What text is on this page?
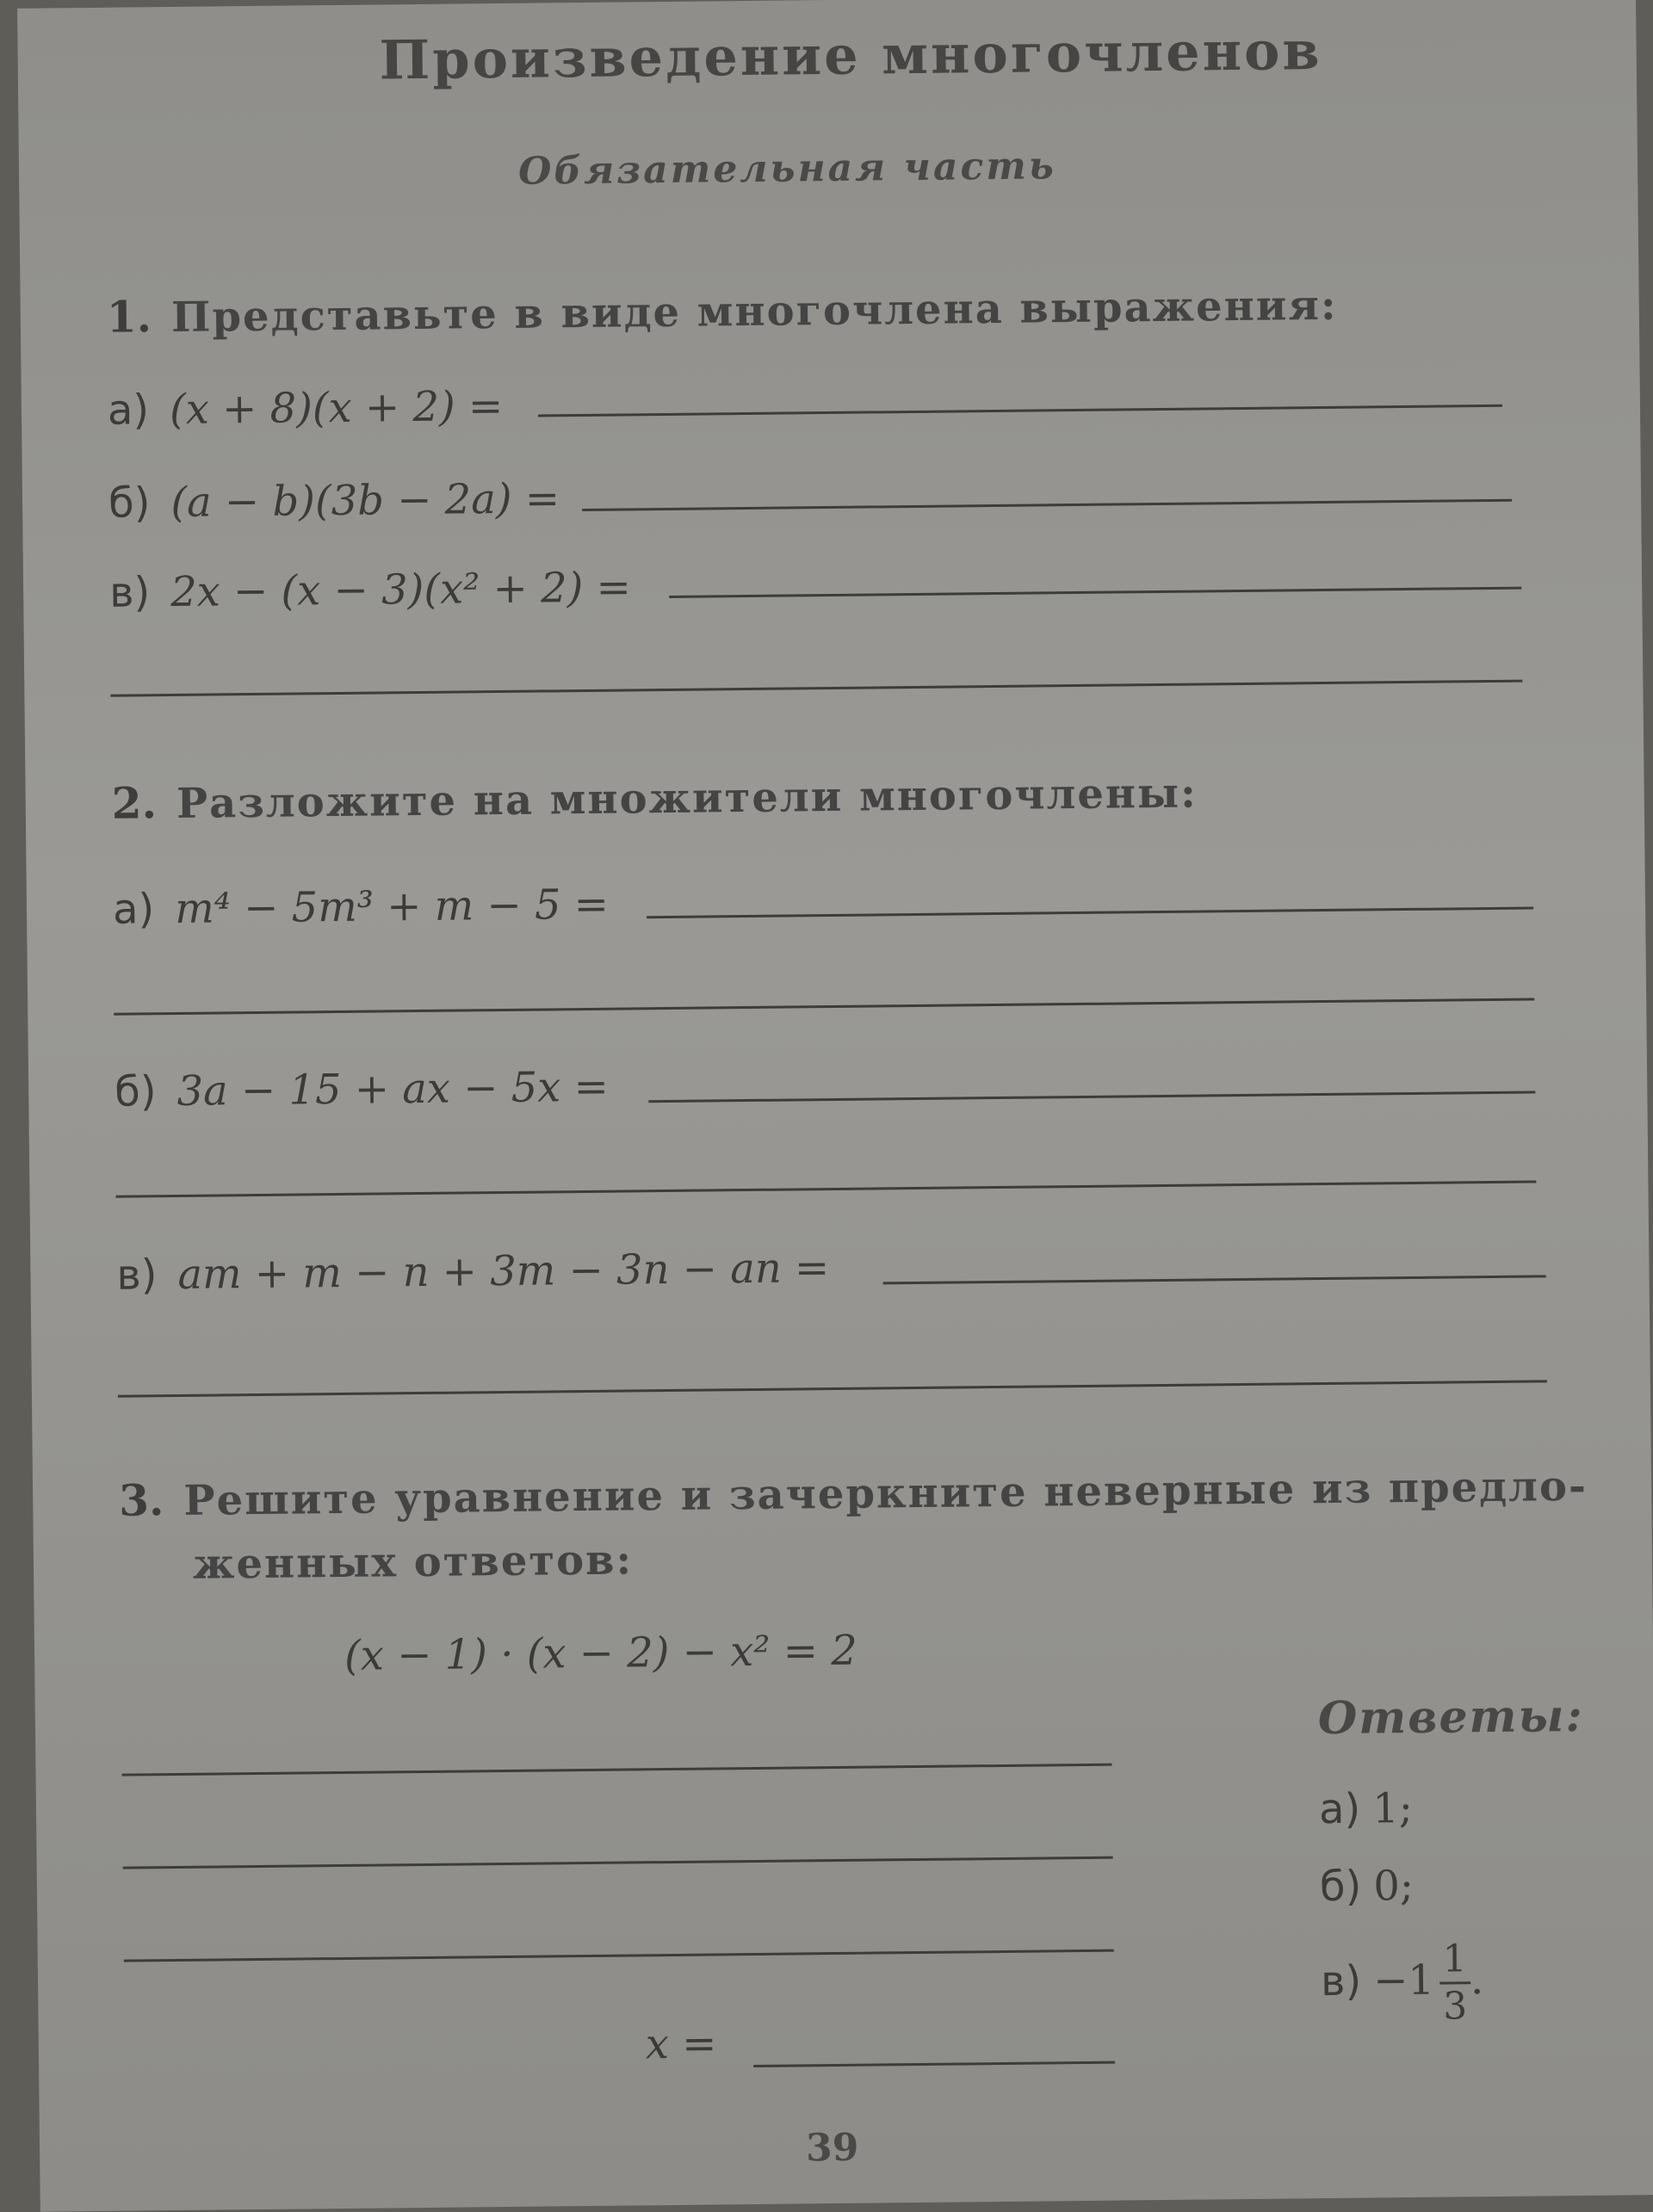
Произведение многочленов
Обязательная часть
1. Представьте в виде многочлена выражения:
а) (x + 8)(x + 2) =
б) (a − b)(3b − 2a) =
в) 2x − (x − 3)(x² + 2) =
2. Разложите на множители многочлены:
а) m⁴ − 5m³ + m − 5 =
б) 3a − 15 + ax − 5x =
в) am + m − n + 3m − 3n − an =
3. Решите уравнение и зачеркните неверные из предло-
женных ответов:
(x − 1) · (x − 2) − x² = 2
x =
Ответы:
а) 1;
б) 0;
$в) -1 \frac{1}{3}$ .
39
